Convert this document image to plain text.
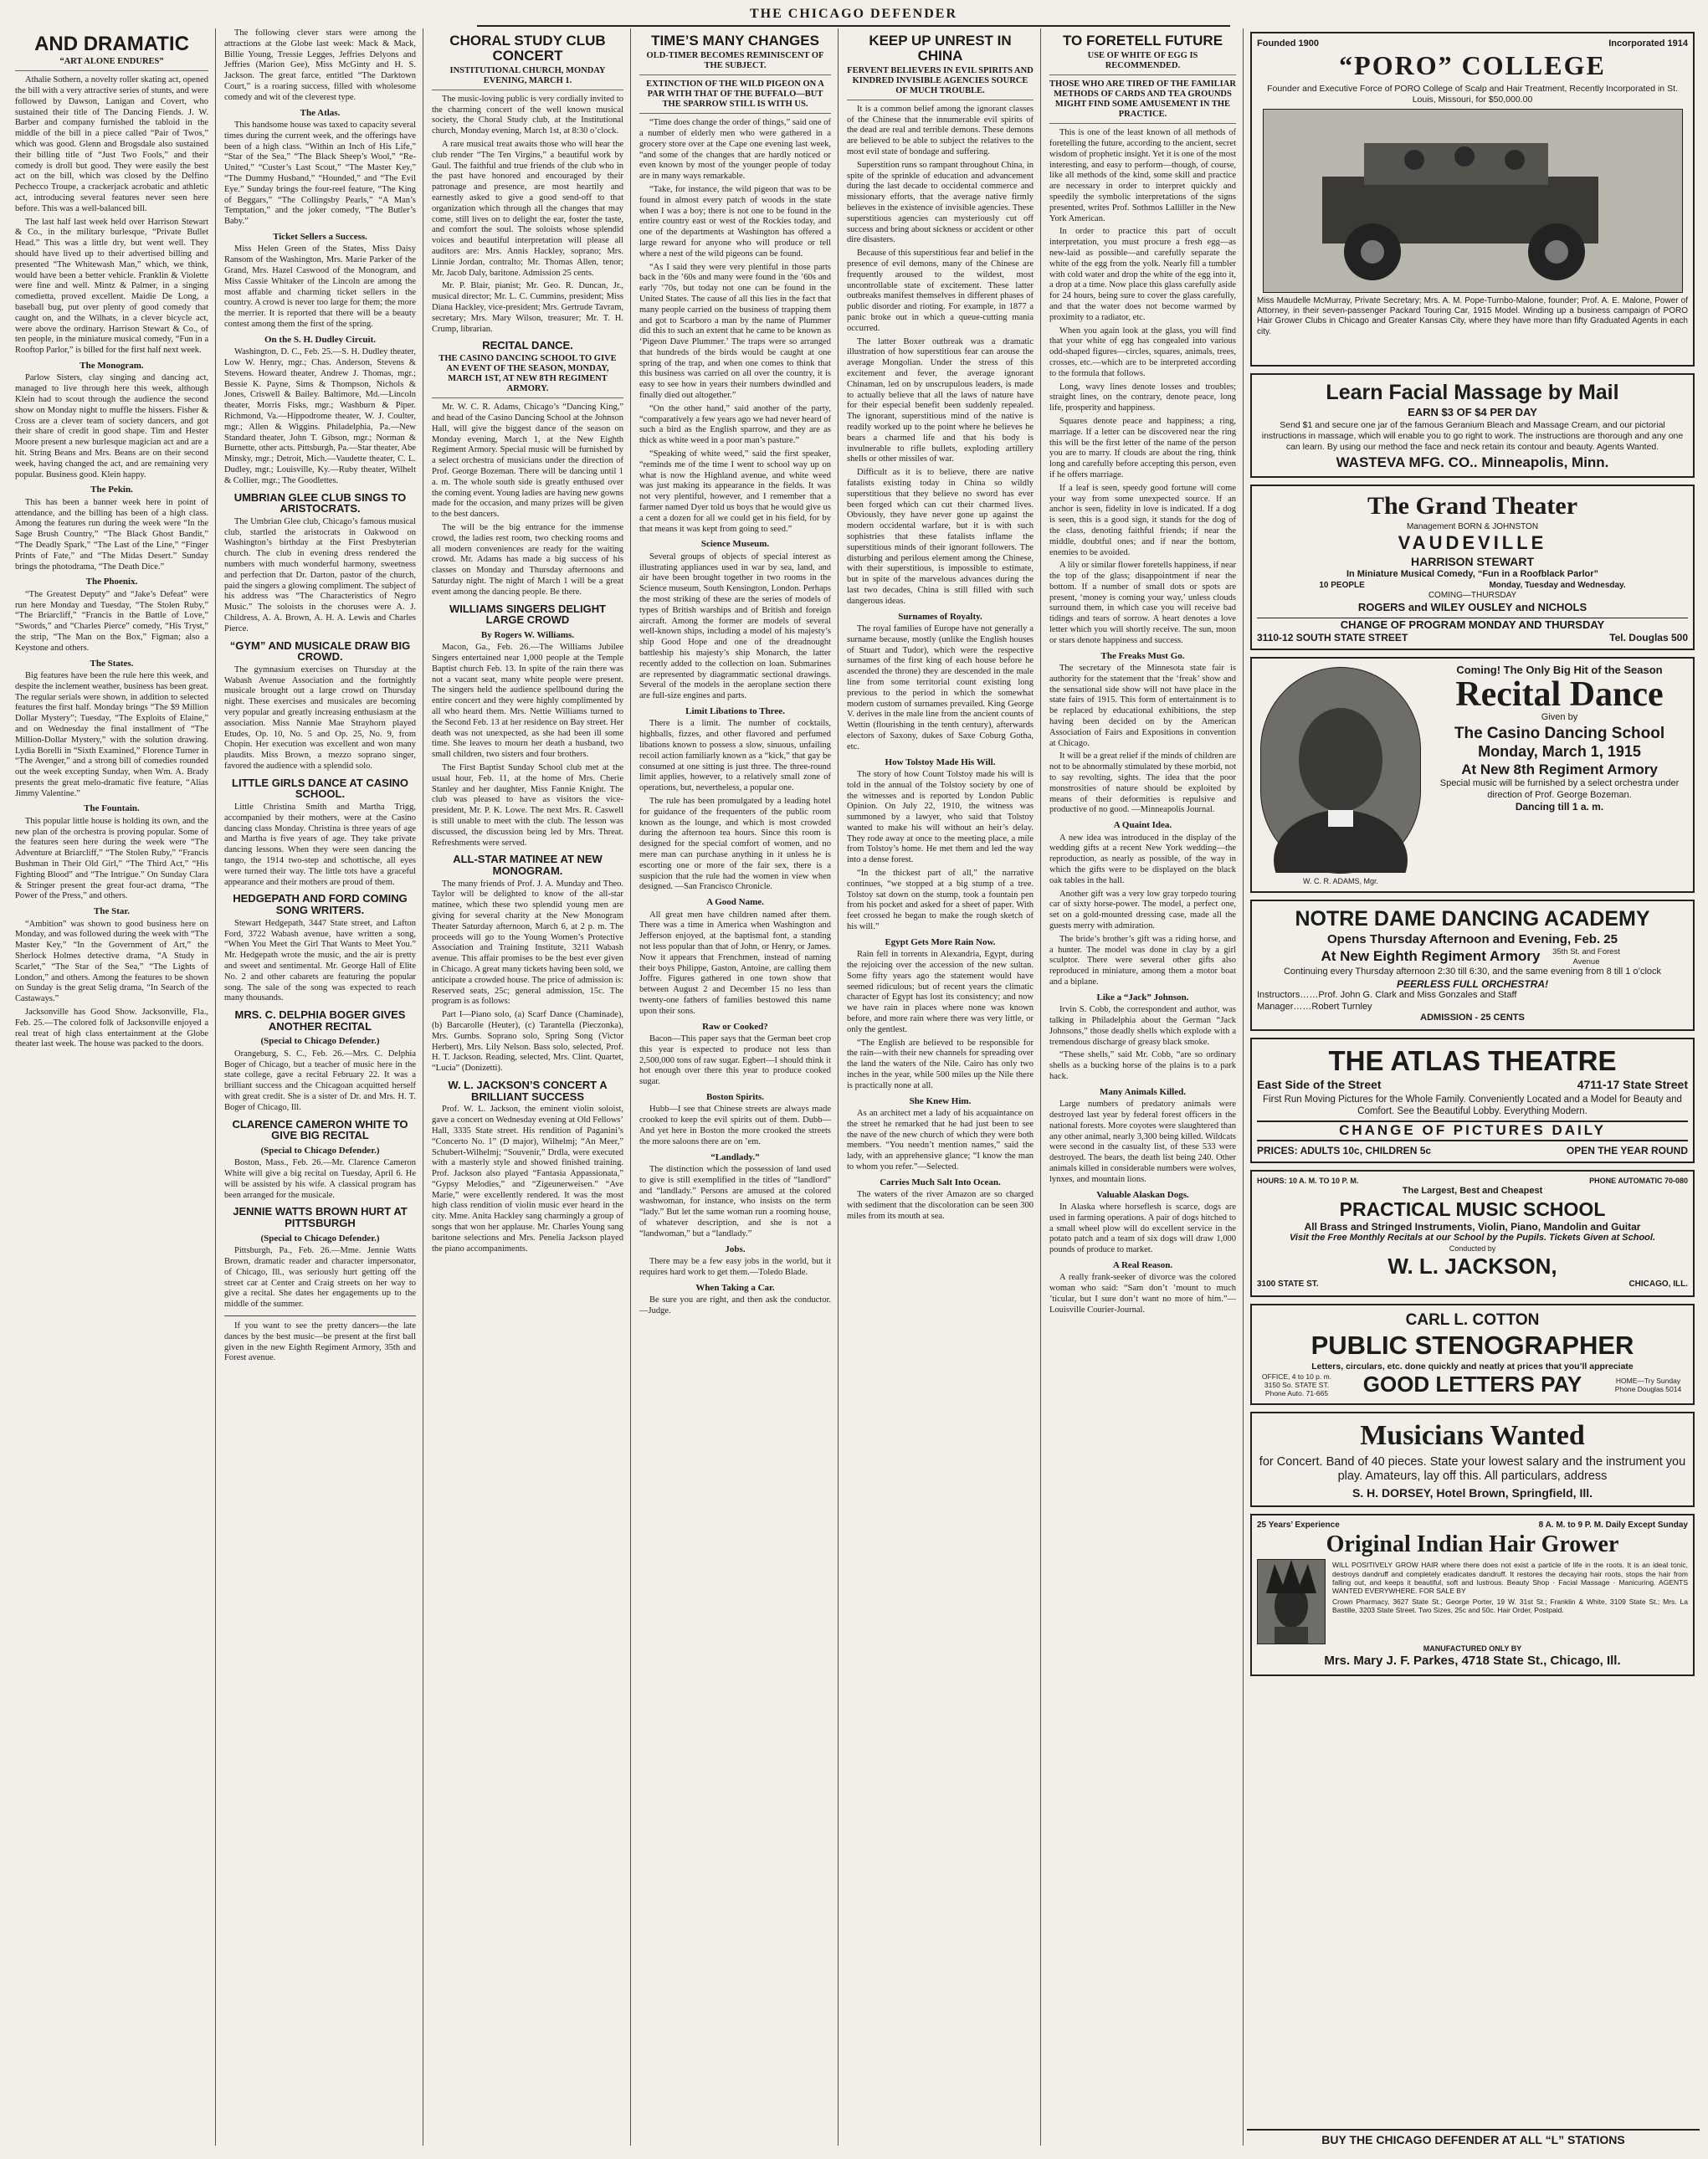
THE CHICAGO DEFENDER
AND DRAMATIC
“ART ALONE ENDURES”

Athalie Sothern, a novelty roller skating act, opened the bill with a very attractive series of stunts, and were followed by Dawson, Lanigan and Covert, who sustained their title of The Dancing Fiends. J. W. Barber and company furnished the tabloid in the middle of the bill in a piece called “Pair of Twos,” which was good. Glenn and Brogsdale also sustained their billing title of “Just Two Fools,” and their comedy is droll but good. They were easily the best act on the bill, which was closed by the Delfino Pechecco Troupe, a crackerjack acrobatic and athletic act, introducing several features never seen here before. This was a well-balanced bill.

The last half last week held over Harrison Stewart & Co., in the military burlesque, “Private Bullet Head.” This was a little dry, but went well. They should have lived up to their advertised billing and presented “The Whitewash Man,” which, we think, would have been a better vehicle. Franklin & Violette were fine and well. Mintz & Palmer, in a singing comedietta, proved excellent. Maidie De Long, a baseball bug, put over plenty of good comedy that caught on, and the Wilhats, in a clever bicycle act, were above the ordinary. Harrison Stewart & Co., of ten people, in the miniature musical comedy, “Fun in a Rooftop Parlor,” is billed for the first half next week.

The Monogram.

Parlow Sisters, clay singing and dancing act, managed to live through here this week, although Klein had to scout through the audience the second show on Monday night to muffle the hissers. Fisher & Cross are a clever team of society dancers, and got their share of credit in good shape. Tim and Hester Moore present a new burlesque magician act and are a hit. String Beans and Mrs. Beans are on their second week, having changed the act, and are remaining very popular. Business good. Klein happy.

The Pekin.

This has been a banner week here in point of attendance, and the billing has been of a high class. Among the features run during the week were “In the Sage Brush Country,” “The Black Ghost Bandit,” “The Deadly Spark,” “The Last of the Line,” “Finger Prints of Fate,” and “The Midas Desert.” Sunday brings the photodrama, “The Death Dice.”

The Phoenix.

“The Greatest Deputy” and “Jake’s Defeat” were run here Monday and Tuesday, “The Stolen Ruby,” “The Briarcliff,” “Francis in the Battle of Love,” “Swords,” and “Charles Pierce” comedy, “His Tryst,” the strip, “The Man on the Box,” Figman; also a Keystone and others.

The States.

Big features have been the rule here this week, and despite the inclement weather, business has been great. The regular serials were shown, in addition to selected features the first half. Monday brings “The $9 Million Dollar Mystery”; Tuesday, “The Exploits of Elaine,” and on Wednesday the final installment of “The Million-Dollar Mystery,” with the solution drawing. Lydia Borelli in “Sixth Examined,” Florence Turner in “The Avenger,” and a strong bill of comedies rounded out the week excepting Sunday, when Wm. A. Brady presents the great melo-dramatic five feature, “Alias Jimmy Valentine.”

The Fountain.

This popular little house is holding its own, and the new plan of the orchestra is proving popular. Some of the features seen here during the week were “The Adventure at Briarcliff,” “The Stolen Ruby,” “Francis Bushman in Their Old Girl,” “The Third Act,” “His Fighting Blood” and “The Intrigue.” On Sunday Clara & Stringer present the great four-act drama, “The Power of the Press,” and others.

The Star.

“Ambition” was shown to good business here on Monday, and was followed during the week with “The Master Key,” “In the Government of Art,” the Sherlock Holmes detective drama, “A Study in Scarlet,” “The Star of the Sea,” “The Lights of London,” and others. Among the features to be shown on Sunday is the great Selig drama, “In Search of the Castaways.”

Jacksonville has Good Show. Jacksonville, Fla., Feb. 25.—The colored folk of Jacksonville enjoyed a real treat of high class entertainment at the Globe theater last week. The house was packed to the doors.

The following clever stars were among the attractions at the Globe last week: Mack & Mack, Billie Young, Tressie Legges, Jeffries Delyons and Jeffries (Marion Gee), Miss McGinty and H. S. Jackson. The great farce, entitled “The Darktown Court,” is a roaring success, filled with wholesome comedy and wit of the cleverest type.

The Atlas.

This handsome house was taxed to capacity several times during the current week, and the offerings have been of a high class. “Within an Inch of His Life,” “Star of the Sea,” “The Black Sheep’s Wool,” “Re-United,” “Custer’s Last Scout,” “The Master Key,” “The Dummy Husband,” “Hounded,” and “The Evil Eye.” Sunday brings the four-reel feature, “The King of Beggars,” “The Collingsby Pearls,” “A Man’s Temptation,” and the joker comedy, “The Butler’s Baby.”

Ticket Sellers a Success.

Miss Helen Green of the States, Miss Daisy Ransom of the Washington, Mrs. Marie Parker of the Grand, Mrs. Hazel Caswood of the Monogram, and Miss Cassie Whitaker of the Lincoln are among the most affable and charming ticket sellers in the country. A crowd is never too large for them; the more the merrier. It is reported that there will be a beauty contest among them the first of the spring.

On the S. H. Dudley Circuit.

Washington, D. C., Feb. 25.—S. H. Dudley theater, Low W. Henry, mgr.; Chas. Anderson, Stevens & Stevens. Howard theater, Andrew J. Thomas, mgr.; Bessie K. Payne, Sims & Thompson, Nichols & Jones, Criswell & Bailey. Baltimore, Md.—Lincoln theater, Morris Fisks, mgr.; Washburn & Piper. Richmond, Va.—Hippodrome theater, W. J. Coulter, mgr.; Allen & Wiggins. Philadelphia, Pa.—New Standard theater, John T. Gibson, mgr.; Norman & Burnette, other acts. Pittsburgh, Pa.—Star theater, Abe Minsky, mgr.; Detroit, Mich.—Vaudette theater, C. L. Dudley, mgr.; Louisville, Ky.—Ruby theater, Wilhelt & Collier, mgr.; The Goodlettes.

UMBRIAN GLEE CLUB SINGS TO ARISTOCRATS.

The Umbrian Glee club, Chicago’s famous musical club, startled the aristocrats in Oakwood on Washington’s birthday at the First Presbyterian church. The club in evening dress rendered the numbers with much wonderful harmony, sweetness and perfection that Dr. Darton, pastor of the church, paid the singers a glowing compliment. The subject of his address was “The Characteristics of Negro Music.” The soloists in the choruses were A. J. Childress, A. A. Brown, A. H. A. Lewis and Charles Pierce.

“GYM” AND MUSICALE DRAW BIG CROWD.

The gymnasium exercises on Thursday at the Wabash Avenue Association and the fortnightly musicale brought out a large crowd on Thursday night. These exercises and musicales are becoming very popular and greatly increasing enthusiasm at the association. Miss Nannie Mae Strayhorn played Etudes, Op. 10, No. 5 and Op. 25, No. 9, from Chopin. Her execution was excellent and won many plaudits. Miss Brown, a mezzo soprano singer, favored the audience with a splendid solo.

LITTLE GIRLS DANCE AT CASINO SCHOOL.

Little Christina Smith and Martha Trigg, accompanied by their mothers, were at the Casino dancing class Monday. Christina is three years of age and Martha is five years of age. They take private dancing lessons. When they were seen dancing the tango, the 1914 two-step and schottische, all eyes were turned their way. The little tots have a graceful appearance and their mothers are proud of them.

HEDGEPATH AND FORD COMING SONG WRITERS.

Stewart Hedgepath, 3447 State street, and Lafton Ford, 3722 Wabash avenue, have written a song, “When You Meet the Girl That Wants to Meet You.” Mr. Hedgepath wrote the music, and the air is pretty and sweet and sentimental. Mr. George Hall of Elite No. 2 and other cabarets are featuring the popular song. The sale of the song was expected to reach many thousands.

MRS. C. DELPHIA BOGER GIVES ANOTHER RECITAL
(Special to Chicago Defender.)

Orangeburg, S. C., Feb. 26.—Mrs. C. Delphia Boger of Chicago, but a teacher of music here in the state college, gave a recital February 22. It was a brilliant success and the Chicagoan acquitted herself with great credit. She is a sister of Dr. and Mrs. H. T. Boger of Chicago, Ill.

CLARENCE CAMERON WHITE TO GIVE BIG RECITAL
(Special to Chicago Defender.)

Boston, Mass., Feb. 26.—Mr. Clarence Cameron White will give a big recital on Tuesday, April 6. He will be assisted by his wife. A classical program has been arranged for the musicale.

JENNIE WATTS BROWN HURT AT PITTSBURGH
(Special to Chicago Defender.)

Pittsburgh, Pa., Feb. 26.—Mme. Jennie Watts Brown, dramatic reader and character impersonator, of Chicago, Ill., was seriously hurt getting off the street car at Center and Craig streets on her way to give a recital. She dates her engagements up to the middle of the summer.

If you want to see the pretty dancers—the late dances by the best music—be present at the first ball given in the new Eighth Regiment Armory, 35th and Forest avenue.

CHORAL STUDY CLUB CONCERT
INSTITUTIONAL CHURCH, MONDAY EVENING, MARCH 1.

The music-loving public is very cordially invited to the charming concert of the well known musical society, the Choral Study club, at the Institutional church, Monday evening, March 1st, at 8:30 o’clock.

A rare musical treat awaits those who will hear the club render “The Ten Virgins,” a beautiful work by Gaul. The faithful and true friends of the club who in the past have honored and encouraged by their patronage and presence, are most heartily and earnestly asked to give a good send-off to that organization which through all the changes that may come, still lives on to delight the ear, foster the taste, and comfort the soul. The soloists whose splendid voices and beautiful interpretation will please all auditors are: Mrs. Annis Hackley, soprano; Mrs. Linnie Jordan, contralto; Mr. Thomas Allen, tenor; Mr. Jacob Daly, baritone. Admission 25 cents.

Mr. P. Blair, pianist; Mr. Geo. R. Duncan, Jr., musical director; Mr. L. C. Cummins, president; Miss Diana Hackley, vice-president; Mrs. Gertrude Tavram, secretary; Mrs. Mary Wilson, treasurer; Mr. T. H. Crump, librarian.

RECITAL DANCE.
THE CASINO DANCING SCHOOL TO GIVE AN EVENT OF THE SEASON, MONDAY, MARCH 1ST, AT NEW 8TH REGIMENT ARMORY.

Mr. W. C. R. Adams, Chicago’s “Dancing King,” and head of the Casino Dancing School at the Johnson Hall, will give the biggest dance of the season on Monday evening, March 1, at the New Eighth Regiment Armory. Special music will be furnished by a select orchestra of musicians under the direction of Prof. George Bozeman. There will be dancing until 1 a. m. The whole south side is greatly enthused over the coming event. Young ladies are having new gowns made for the occasion, and many prizes will be given to the best dancers.

The will be the big entrance for the immense crowd, the ladies rest room, two checking rooms and all modern conveniences are ready for the waiting crowd. Mr. Adams has made a big success of his classes on Monday and Thursday afternoons and Saturday night. The night of March 1 will be a great event among the dancing people. Be there.

WILLIAMS SINGERS DELIGHT LARGE CROWD
By Rogers W. Williams.

Macon, Ga., Feb. 26.—The Williams Jubilee Singers entertained near 1,000 people at the Temple Baptist church Feb. 13. In spite of the rain there was not a vacant seat, many white people were present. The singers held the audience spellbound during the entire concert and they were highly complimented by all who heard them. Mrs. Nettie Williams turned to the Second Feb. 13 at her residence on Bay street. Her death was not unexpected, as she had been ill some time. She leaves to mourn her death a husband, two small children, two sisters and four brothers.

The First Baptist Sunday School club met at the usual hour, Feb. 11, at the home of Mrs. Cherie Stanley and her daughter, Miss Fannie Knight. The club was pleased to have as visitors the vice-president, Mr. P. K. Lowe. The next Mrs. R. Caswell is still unable to meet with the club. The lesson was discussed, the discussion being led by Mrs. Threat. Refreshments were served.

ALL-STAR MATINEE AT NEW MONOGRAM.

The many friends of Prof. J. A. Munday and Theo. Taylor will be delighted to know of the all-star matinee, which these two splendid young men are giving for several charity at the New Monogram Theater Saturday afternoon, March 6, at 2 p. m. The proceeds will go to the Young Women’s Protective Association and Training Institute, 3211 Wabash avenue. This affair promises to be the best ever given in Chicago. A great many tickets having been sold, we anticipate a crowded house. The price of admission is: Reserved seats, 25c; general admission, 15c. The program is as follows:

Part I—Piano solo, (a) Scarf Dance (Chaminade), (b) Barcarolle (Heuter), (c) Tarantella (Pieczonka), Mrs. Gumbs. Soprano solo, Spring Song (Victor Herbert), Mrs. Lily Nelson. Bass solo, selected, Prof. H. T. Jackson. Reading, selected, Mrs. Clint. Quartet, “Lucia” (Donizetti).

W. L. JACKSON’S CONCERT A BRILLIANT SUCCESS

Prof. W. L. Jackson, the eminent violin soloist, gave a concert on Wednesday evening at Old Fellows’ Hall, 3335 State street. His rendition of Paganini’s “Concerto No. 1” (D major), Wilhelmj; “An Meer,” Schubert-Wilhelmj; “Souvenir,” Drdla, were executed with a masterly style and showed finished training. Prof. Jackson also played “Fantasia Appassionata,” “Gypsy Melodies,” and “Zigeunerweisen.” “Ave Marie,” were excellently rendered. It was the most high class rendition of violin music ever heard in the city. Mme. Anita Hackley sang charmingly a group of songs that won her applause. Mr. Charles Young sang baritone selections and Mrs. Penelia Jackson played the piano accompaniments.

TIME’S MANY CHANGES
OLD-TIMER BECOMES REMINISCENT OF THE SUBJECT.
EXTINCTION OF THE WILD PIGEON ON A PAR WITH THAT OF THE BUFFALO—BUT THE SPARROW STILL IS WITH US.

“Time does change the order of things,” said one of a number of elderly men who were gathered in a grocery store over at the Cape one evening last week, “and some of the changes that are hardly noticed or even known by most of the younger people of today are in many ways remarkable.

“Take, for instance, the wild pigeon that was to be found in almost every patch of woods in the state when I was a boy; there is not one to be found in the entire country east or west of the Rockies today, and one of the departments at Washington has offered a large reward for anyone who will produce or tell where a nest of the wild pigeons can be found.

“As I said they were very plentiful in those parts back in the ’60s and many were found in the ’60s and early ’70s, but today not one can be found in the United States. The cause of all this lies in the fact that many people carried on the business of trapping them and got to Scarboro a man by the name of Plummer did this to such an extent that he came to be known as ‘Pigeon Dave Plummer.’ The traps were so arranged that hundreds of the birds would be caught at one spring of the trap, and when one comes to think that this business was carried on all over the country, it is easy to see how in years their numbers dwindled and finally died out altogether.”

“On the other hand,” said another of the party, “comparatively a few years ago we had never heard of such a bird as the English sparrow, and they are as thick as white weed in a poor man’s pasture.”

“Speaking of white weed,” said the first speaker, “reminds me of the time I went to school way up on what is now the Highland avenue, and white weed was just making its appearance in the fields. It was not very plentiful, however, and I remember that a farmer named Dyer told us boys that he would give us a cent a dozen for all we could get in his field, for by that means it was kept from going to seed.”

Science Museum.

Several groups of objects of special interest as illustrating appliances used in war by sea, land, and air have been brought together in two rooms in the Science museum, South Kensington, London. Perhaps the most striking of these are the series of models of types of British warships and of British and foreign aircraft. Among the former are models of several well-known ships, including a model of his majesty’s ship Good Hope and one of the dreadnought battleship his majesty’s ship Monarch, the latter recently added to the collection on loan. Submarines are represented by diagrammatic sectional drawings. Several of the models in the aeroplane section there are full-size engines and parts.

Limit Libations to Three.

There is a limit. The number of cocktails, highballs, fizzes, and other flavored and perfumed libations known to possess a slow, sinuous, unfailing recoil action familiarly known as a “kick,” that gay be consumed at one sitting is just three. The three-round limit applies, however, to a relatively small zone of operations, but, nevertheless, a popular one.

The rule has been promulgated by a leading hotel for guidance of the frequenters of the public room known as the lounge, and which is most crowded during the afternoon tea hours. Since this room is designed for the special comfort of women, and no mere man can purchase anything in it unless he is escorting one or more of the fair sex, there is a suspicion that the rule had the women in view when designed. —San Francisco Chronicle.

A Good Name.

All great men have children named after them. There was a time in America when Washington and Jefferson enjoyed, at the baptismal font, a standing not less popular than that of John, or Henry, or James. Now it appears that Frenchmen, instead of naming their boys Philippe, Gaston, Antoine, are calling them Joffre. Figures gathered in one town show that between August 2 and December 15 no less than twenty-one fathers of families bestowed this name upon their sons.

Raw or Cooked?

Bacon—This paper says that the German beet crop this year is expected to produce not less than 2,500,000 tons of raw sugar. Egbert—I should think it hot enough over there this year to produce cooked sugar.

Boston Spirits.

Hubb—I see that Chinese streets are always made crooked to keep the evil spirits out of them. Dubb—And yet here in Boston the more crooked the streets the more saloons there are on ’em.

“Landlady.”

The distinction which the possession of land used to give is still exemplified in the titles of “landlord” and “landlady.” Persons are amused at the colored washwoman, for instance, who insists on the term “lady.” But let the same woman run a rooming house, of whatever description, and she is not a “landwoman,” but a “landlady.”

Jobs.

There may be a few easy jobs in the world, but it requires hard work to get them.—Toledo Blade.

When Taking a Car.

Be sure you are right, and then ask the conductor.—Judge.

KEEP UP UNREST IN CHINA
FERVENT BELIEVERS IN EVIL SPIRITS AND KINDRED INVISIBLE AGENCIES SOURCE OF MUCH TROUBLE.

It is a common belief among the ignorant classes of the Chinese that the innumerable evil spirits of the dead are real and terrible demons. These demons are believed to be able to subject the relatives to the most evil state of bondage and suffering.

Superstition runs so rampant throughout China, in spite of the sprinkle of education and advancement during the last decade to occidental commerce and missionary efforts, that the average native firmly believes in the existence of invisible agencies. These superstitious agencies can mysteriously cut off success and bring about sickness or accident or other dire disasters.

Because of this superstitious fear and belief in the presence of evil demons, many of the Chinese are frequently aroused to the wildest, most uncontrollable state of excitement. These latter outbreaks manifest themselves in different phases of public disorder and rioting. For example, in 1877 a panic broke out in which a queue-cutting mania occurred.

The latter Boxer outbreak was a dramatic illustration of how superstitious fear can arouse the average Mongolian. Under the stress of this excitement and fever, the average ignorant Chinaman, led on by unscrupulous leaders, is made to actually believe that all the laws of nature have for their especial benefit been suddenly repealed. The ignorant, superstitious mind of the native is readily worked up to the point where he believes he bears a charmed life and that his body is invulnerable to rifle bullets, exploding artillery shells or other missiles of war.

Difficult as it is to believe, there are native fatalists existing today in China so wildly superstitious that they believe no sword has ever been forged which can cut their charmed lives. Obviously, they have never gone up against the modern occidental warfare, but it is with such sophistries that these fatalists inflame the superstitious minds of their ignorant followers. The disturbing and perilous element among the Chinese, with their superstitious, is impossible to estimate, but in spite of the marvelous advances during the last two decades, China is still filled with such dangerous ideas.

Surnames of Royalty.

The royal families of Europe have not generally a surname because, mostly (unlike the English houses of Stuart and Tudor), which were the respective surnames of the first king of each house before he ascended the throne) they are descended in the male line from some territorial count existing long previous to the period in which the somewhat modern custom of surnames prevailed. King George V. derives in the male line from the ancient counts of Wettin (flourishing in the tenth century), afterwards electors of Saxony, dukes of Saxe Coburg Gotha, etc.

How Tolstoy Made His Will.

The story of how Count Tolstoy made his will is told in the annual of the Tolstoy society by one of the witnesses and is reported by London Public Opinion. On July 22, 1910, the witness was summoned by a lawyer, who said that Tolstoy wanted to make his will without an heir’s delay. They rode away at once to the meeting place, a mile from Tolstoy’s home. He met them and led the way into a dense forest.

“In the thickest part of all,” the narrative continues, “we stopped at a big stump of a tree. Tolstoy sat down on the stump, took a fountain pen from his pocket and asked for a sheet of paper. With feet crossed he began to make the rough sketch of his will.”

Egypt Gets More Rain Now.

Rain fell in torrents in Alexandria, Egypt, during the rejoicing over the accession of the new sultan. Some fifty years ago the statement would have seemed ridiculous; but of recent years the climatic character of Egypt has lost its consistency; and now we have rain in places where none was known before, and more rain where there was very little, or only the gentlest.

“The English are believed to be responsible for the rain—with their new channels for spreading over the land the waters of the Nile. Cairo has only two inches in the year, while 500 miles up the Nile there is practically none at all.

She Knew Him.

As an architect met a lady of his acquaintance on the street he remarked that he had just been to see the nave of the new church of which they were both members. “You needn’t mention names,” said the lady, with an apprehensive glance; “I know the man to whom you refer.”—Selected.

Carries Much Salt Into Ocean.

The waters of the river Amazon are so charged with sediment that the discoloration can be seen 300 miles from its mouth at sea.

TO FORETELL FUTURE
USE OF WHITE OF EGG IS RECOMMENDED.
THOSE WHO ARE TIRED OF THE FAMILIAR METHODS OF CARDS AND TEA GROUNDS MIGHT FIND SOME AMUSEMENT IN THE PRACTICE.

This is one of the least known of all methods of foretelling the future, according to the ancient, secret wisdom of prophetic insight. Yet it is one of the most interesting, and easy to perform—though, of course, like all methods of the kind, some skill and practice are necessary in order to interpret quickly and speedily the symbolic interpretations of the signs presented, writes Prof. Sothmos Lalliller in the New York American.

In order to practice this part of occult interpretation, you must procure a fresh egg—as new-laid as possible—and carefully separate the white of the egg from the yolk. Nearly fill a tumbler with cold water and drop the white of the egg into it, a drop at a time. Now place this glass carefully aside for 24 hours, being sure to cover the glass carefully, and that the water does not become warmed by proximity to a radiator, etc.

When you again look at the glass, you will find that your white of egg has congealed into various odd-shaped figures—circles, squares, animals, trees, crosses, etc.—which are to be interpreted according to the formula that follows.

Long, wavy lines denote losses and troubles; straight lines, on the contrary, denote peace, long life, prosperity and happiness.

Squares denote peace and happiness; a ring, marriage. If a letter can be discovered near the ring this will be the first letter of the name of the person you are to marry. If clouds are about the ring, think long and carefully before accepting this person, even if he offers marriage.

If a leaf is seen, speedy good fortune will come your way from some unexpected source. If an anchor is seen, fidelity in love is indicated. If a dog is seen, this is a good sign, it stands for the dog of the class, denoting faithful friends; if near the middle, doubtful ones; and if near the bottom, enemies to be avoided.

A lily or similar flower foretells happiness, if near the top of the glass; disappointment if near the bottom. If a number of small dots or spots are present, ‘money is coming your way,’ unless clouds surround them, in which case you will receive bad tidings and tears of sorrow. A heart denotes a love letter which you will shortly receive. The sun, moon or stars denote happiness and success.

The Freaks Must Go.

The secretary of the Minnesota state fair is authority for the statement that the ‘freak’ show and the sensational side show will not have place in the state fairs of 1915. This form of entertainment is to be replaced by educational exhibitions, the step having been decided on by the American Association of Fairs and Expositions in convention at Chicago.

It will be a great relief if the minds of children are not to be abnormally stimulated by these morbid, not to say revolting, sights. The idea that the poor monstrosities of nature should be exploited by means of their deformities is repulsive and productive of no good. —Minneapolis Journal.

A Quaint Idea.

A new idea was introduced in the display of the wedding gifts at a recent New York wedding—the reproduction, as nearly as possible, of the way in which the gifts were to be displayed on the black oak tables in the hall.

Another gift was a very low gray torpedo touring car of sixty horse-power. The model, a perfect one, set on a gold-mounted dressing case, made all the guests merry with admiration.

The bride’s brother’s gift was a riding horse, and a hunter. The model was done in clay by a girl sculptor. There were several other gifts also reproduced in miniature, among them a motor boat and a biplane.

Like a “Jack” Johnson.

Irvin S. Cobb, the correspondent and author, was talking in Philadelphia about the German “Jack Johnsons,” those deadly shells which explode with a tremendous discharge of greasy black smoke.

“These shells,” said Mr. Cobb, “are so ordinary shells as a bucking horse of the plains is to a park hack.

Many Animals Killed.

Large numbers of predatory animals were destroyed last year by federal forest officers in the national forests. More coyotes were slaughtered than any other animal, nearly 3,300 being killed. Wildcats were second in the casualty list, of these 533 were destroyed. The bears, the death list being 240. Other animals killed in considerable numbers were wolves, lynxes, and mountain lions.

Valuable Alaskan Dogs.

In Alaska where horseflesh is scarce, dogs are used in farming operations. A pair of dogs hitched to a small wheel plow will do excellent service in the potato patch and a team of six dogs will draw 1,000 pounds of produce to market.

A Real Reason.

A really frank-seeker of divorce was the colored woman who said: “Sam don’t ’mount to much ’ticular, but I sure don’t want no more of him.”—Louisville Courier-Journal.

Founded 1900	Incorporated 1914
“PORO” COLLEGE

Founder and Executive Force of PORO College of Scalp and Hair Treatment, Recently Incorporated in St. Louis, Missouri, for $50,000.00

Miss Maudelle McMurray, Private Secretary; Mrs. A. M. Pope-Turnbo-Malone, founder; Prof. A. E. Malone, Power of Attorney, in their seven-passenger Packard Touring Car, 1915 Model. Winding up a business campaign of PORO Hair Grower Clubs in Chicago and Greater Kansas City, where they have more than fifty Graduated Agents in each city.

Learn Facial Massage by Mail
EARN $3 OF $4 PER DAY

Send $1 and secure one jar of the famous Geranium Bleach and Massage Cream, and our pictorial instructions in massage, which will enable you to go right to work. The instructions are thorough and any one can learn. By using our method the face and neck retain its contour and beauty. Agents Wanted.

WASTEVA MFG. CO.. Minneapolis, Minn.
The Grand Theater
Management BORN & JOHNSTON
VAUDEVILLE
HARRISON STEWART
In Miniature Musical Comedy, “Fun in a Roofblack Parlor”
10 PEOPLE	Monday, Tuesday and Wednesday.
COMING—THURSDAY
ROGERS and WILEY OUSLEY and NICHOLS
CHANGE OF PROGRAM MONDAY AND THURSDAY
3110-12 SOUTH STATE STREET	Tel. Douglas 500
W. C. R. ADAMS, Mgr.
Coming! The Only Big Hit of the Season
Recital Dance
Given by
The Casino Dancing School
Monday, March 1, 1915
At New 8th Regiment Armory
Special music will be furnished by a select orchestra under direction of Prof. George Bozeman.
Dancing till 1 a. m.
NOTRE DAME DANCING ACADEMY
Opens Thursday Afternoon and Evening, Feb. 25
At New Eighth Regiment Armory	35th St. and Forest Avenue
Continuing every Thursday afternoon 2:30 till 6:30, and the same evening from 8 till 1 o’clock
PEERLESS FULL ORCHESTRA!
Instructors……Prof. John G. Clark and Miss Gonzales and Staff
Manager……Robert Turnley
ADMISSION - 25 CENTS
THE ATLAS THEATRE
East Side of the Street	4711-17 State Street

First Run Moving Pictures for the Whole Family. Conveniently Located and a Model for Beauty and Comfort. See the Beautiful Lobby. Everything Modern.

CHANGE OF PICTURES DAILY
PRICES: ADULTS 10c, CHILDREN 5c	OPEN THE YEAR ROUND
HOURS: 10 A. M. TO 10 P. M.	PHONE AUTOMATIC 70-080
The Largest, Best and Cheapest
PRACTICAL MUSIC SCHOOL
All Brass and Stringed Instruments, Violin, Piano, Mandolin and Guitar
Visit the Free Monthly Recitals at our School by the Pupils. Tickets Given at School.
Conducted by
W. L. JACKSON,
3100 STATE ST.	CHICAGO, ILL.
CARL L. COTTON
PUBLIC STENOGRAPHER
Letters, circulars, etc. done quickly and neatly at prices that you’ll appreciate
OFFICE, 4 to 10 p. m. 3150 So. STATE ST. Phone Auto. 71-665	GOOD LETTERS PAY	HOME—Try Sunday Phone Douglas 5014
Musicians Wanted

for Concert. Band of 40 pieces. State your lowest salary and the instrument you play. Amateurs, lay off this. All particulars, address

S. H. DORSEY, Hotel Brown, Springfield, Ill.
25 Years’ Experience	8 A. M. to 9 P. M. Daily Except Sunday
Original Indian Hair Grower

WILL POSITIVELY GROW HAIR where there does not exist a particle of life in the roots. It is an ideal tonic, destroys dandruff and completely eradicates dandruff. It restores the decaying hair roots, stops the hair from falling out, and keeps it beautiful, soft and lustrous. Beauty Shop · Facial Massage · Manicuring. AGENTS WANTED EVERYWHERE. FOR SALE BY

Crown Pharmacy, 3627 State St.; George Porter, 19 W. 31st St.; Franklin & White, 3109 State St.; Mrs. La Bastille, 3203 State Street. Two Sizes, 25c and 50c. Hair Order, Postpaid.

MANUFACTURED ONLY BY
Mrs. Mary J. F. Parkes, 4718 State St., Chicago, Ill.
BUY THE CHICAGO DEFENDER AT ALL “L” STATIONS
